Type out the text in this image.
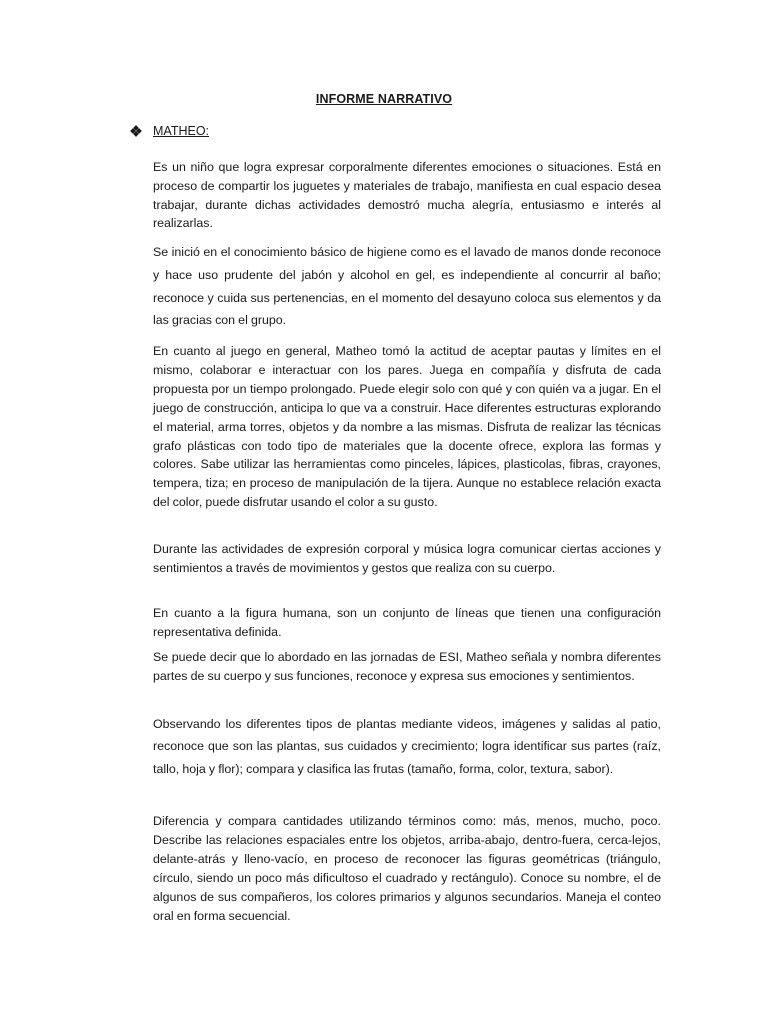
INFORME NARRATIVO
MATHEO:

Es un niño que logra expresar corporalmente diferentes emociones o situaciones. Está en proceso de compartir los juguetes y materiales de trabajo, manifiesta en cual espacio desea trabajar, durante dichas actividades demostró mucha alegría, entusiasmo e interés al realizarlas.

Se inició en el conocimiento básico de higiene como es el lavado de manos donde reconoce y hace uso prudente del jabón y alcohol en gel, es independiente al concurrir al baño; reconoce y cuida sus pertenencias, en el momento del desayuno coloca sus elementos y da las gracias con el grupo.

En cuanto al juego en general, Matheo tomó la actitud de aceptar pautas y límites en el mismo, colaborar e interactuar con los pares. Juega en compañía y disfruta de cada propuesta por un tiempo prolongado. Puede elegir solo con qué y con quién va a jugar. En el juego de construcción, anticipa lo que va a construir. Hace diferentes estructuras explorando el material, arma torres, objetos y da nombre a las mismas. Disfruta de realizar las técnicas grafo plásticas con todo tipo de materiales que la docente ofrece, explora las formas y colores. Sabe utilizar las herramientas como pinceles, lápices, plasticolas, fibras, crayones, tempera, tiza; en proceso de manipulación de la tijera. Aunque no establece relación exacta del color, puede disfrutar usando el color a su gusto.

Durante las actividades de expresión corporal y música logra comunicar ciertas acciones y sentimientos a través de movimientos y gestos que realiza con su cuerpo.

En cuanto a la figura humana, son un conjunto de líneas que tienen una configuración representativa definida.

Se puede decir que lo abordado en las jornadas de ESI, Matheo señala y nombra diferentes partes de su cuerpo y sus funciones, reconoce y expresa sus emociones y sentimientos.

Observando los diferentes tipos de plantas mediante videos, imágenes y salidas al patio, reconoce que son las plantas, sus cuidados y crecimiento; logra identificar sus partes (raíz, tallo, hoja y flor); compara y clasifica las frutas (tamaño, forma, color, textura, sabor).

Diferencia y compara cantidades utilizando términos como: más, menos, mucho, poco. Describe las relaciones espaciales entre los objetos, arriba-abajo, dentro-fuera, cerca-lejos, delante-atrás y lleno-vacío, en proceso de reconocer las figuras geométricas (triángulo, círculo, siendo un poco más dificultoso el cuadrado y rectángulo). Conoce su nombre, el de algunos de sus compañeros, los colores primarios y algunos secundarios. Maneja el conteo oral en forma secuencial.
